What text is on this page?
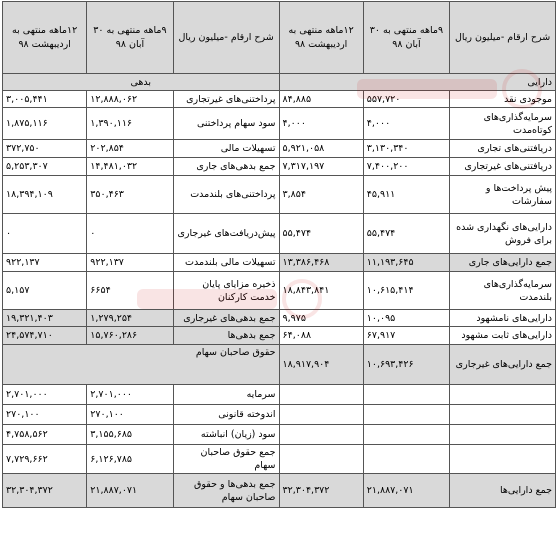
شرح ارقام -میلیون ریال	۹ماهه منتهی به ۳۰ آبان ۹۸	۱۲ماهه منتهی به اردیبهشت ۹۸	شرح ارقام -میلیون ریال	۹ماهه منتهی به ۳۰ آبان ۹۸	۱۲ماهه منتهی به اردیبهشت ۹۸
دارایی			بدهی		
موجودی نقد	۵۵۷,۷۲۰	۸۴,۸۸۵	پرداختنی‌های غیرتجاری	۱۲,۸۸۸,۰۶۲	۳,۰۰۵,۴۴۱
سرمایه‌گذاری‌های کوتاه‌مدت	۴,۰۰۰	۴,۰۰۰	سود سهام پرداختنی	۱,۳۹۰,۱۱۶	۱,۸۷۵,۱۱۶
دریافتنی‌های تجاری	۳,۱۳۰,۳۴۰	۵,۹۲۱,۰۵۸	تسهیلات مالی	۲۰۲,۸۵۴	۳۷۲,۷۵۰
دریافتنی‌های غیرتجاری	۷,۴۰۰,۲۰۰	۷,۳۱۷,۱۹۷	جمع بدهی‌های جاری	۱۴,۴۸۱,۰۳۲	۵,۲۵۳,۳۰۷
پیش پرداخت‌ها و سفارشات	۴۵,۹۱۱	۳,۸۵۴	پرداختنی‌های بلندمدت	۳۵۰,۴۶۳	۱۸,۳۹۴,۱۰۹
دارایی‌های نگهداری شده برای فروش	۵۵,۴۷۴	۵۵,۴۷۴	پیش‌دریافت‌های غیرجاری	۰	۰
جمع دارایی‌های جاری	۱۱,۱۹۳,۶۴۵	۱۳,۳۸۶,۴۶۸	تسهیلات مالی بلندمدت	۹۲۲,۱۳۷	۹۲۲,۱۳۷
سرمایه‌گذاری‌های بلندمدت	۱۰,۶۱۵,۴۱۴	۱۸,۸۴۳,۸۴۱	ذخیره مزایای پایان خدمت کارکنان	۶۶۵۴	۵,۱۵۷
دارایی‌های نامشهود	۱۰,۰۹۵	۹,۹۷۵	جمع بدهی‌های غیرجاری	۱,۲۷۹,۲۵۴	۱۹,۳۲۱,۴۰۳
دارایی‌های ثابت مشهود	۶۷,۹۱۷	۶۴,۰۸۸	جمع بدهی‌ها	۱۵,۷۶۰,۲۸۶	۲۴,۵۷۴,۷۱۰
جمع دارایی‌های غیرجاری	۱۰,۶۹۳,۴۲۶	۱۸,۹۱۷,۹۰۴	حقوق صاحبان سهام		
			سرمایه	۲,۷۰۱,۰۰۰	۲,۷۰۱,۰۰۰
			اندوخته قانونی	۲۷۰,۱۰۰	۲۷۰,۱۰۰
			سود (زیان) انباشته	۳,۱۵۵,۶۸۵	۴,۷۵۸,۵۶۲
			جمع حقوق صاحبان سهام	۶,۱۲۶,۷۸۵	۷,۷۲۹,۶۶۲
جمع دارایی‌ها	۲۱,۸۸۷,۰۷۱	۳۲,۳۰۴,۳۷۲	جمع بدهی‌ها و حقوق صاحبان سهام	۲۱,۸۸۷,۰۷۱	۳۲,۳۰۴,۳۷۲
